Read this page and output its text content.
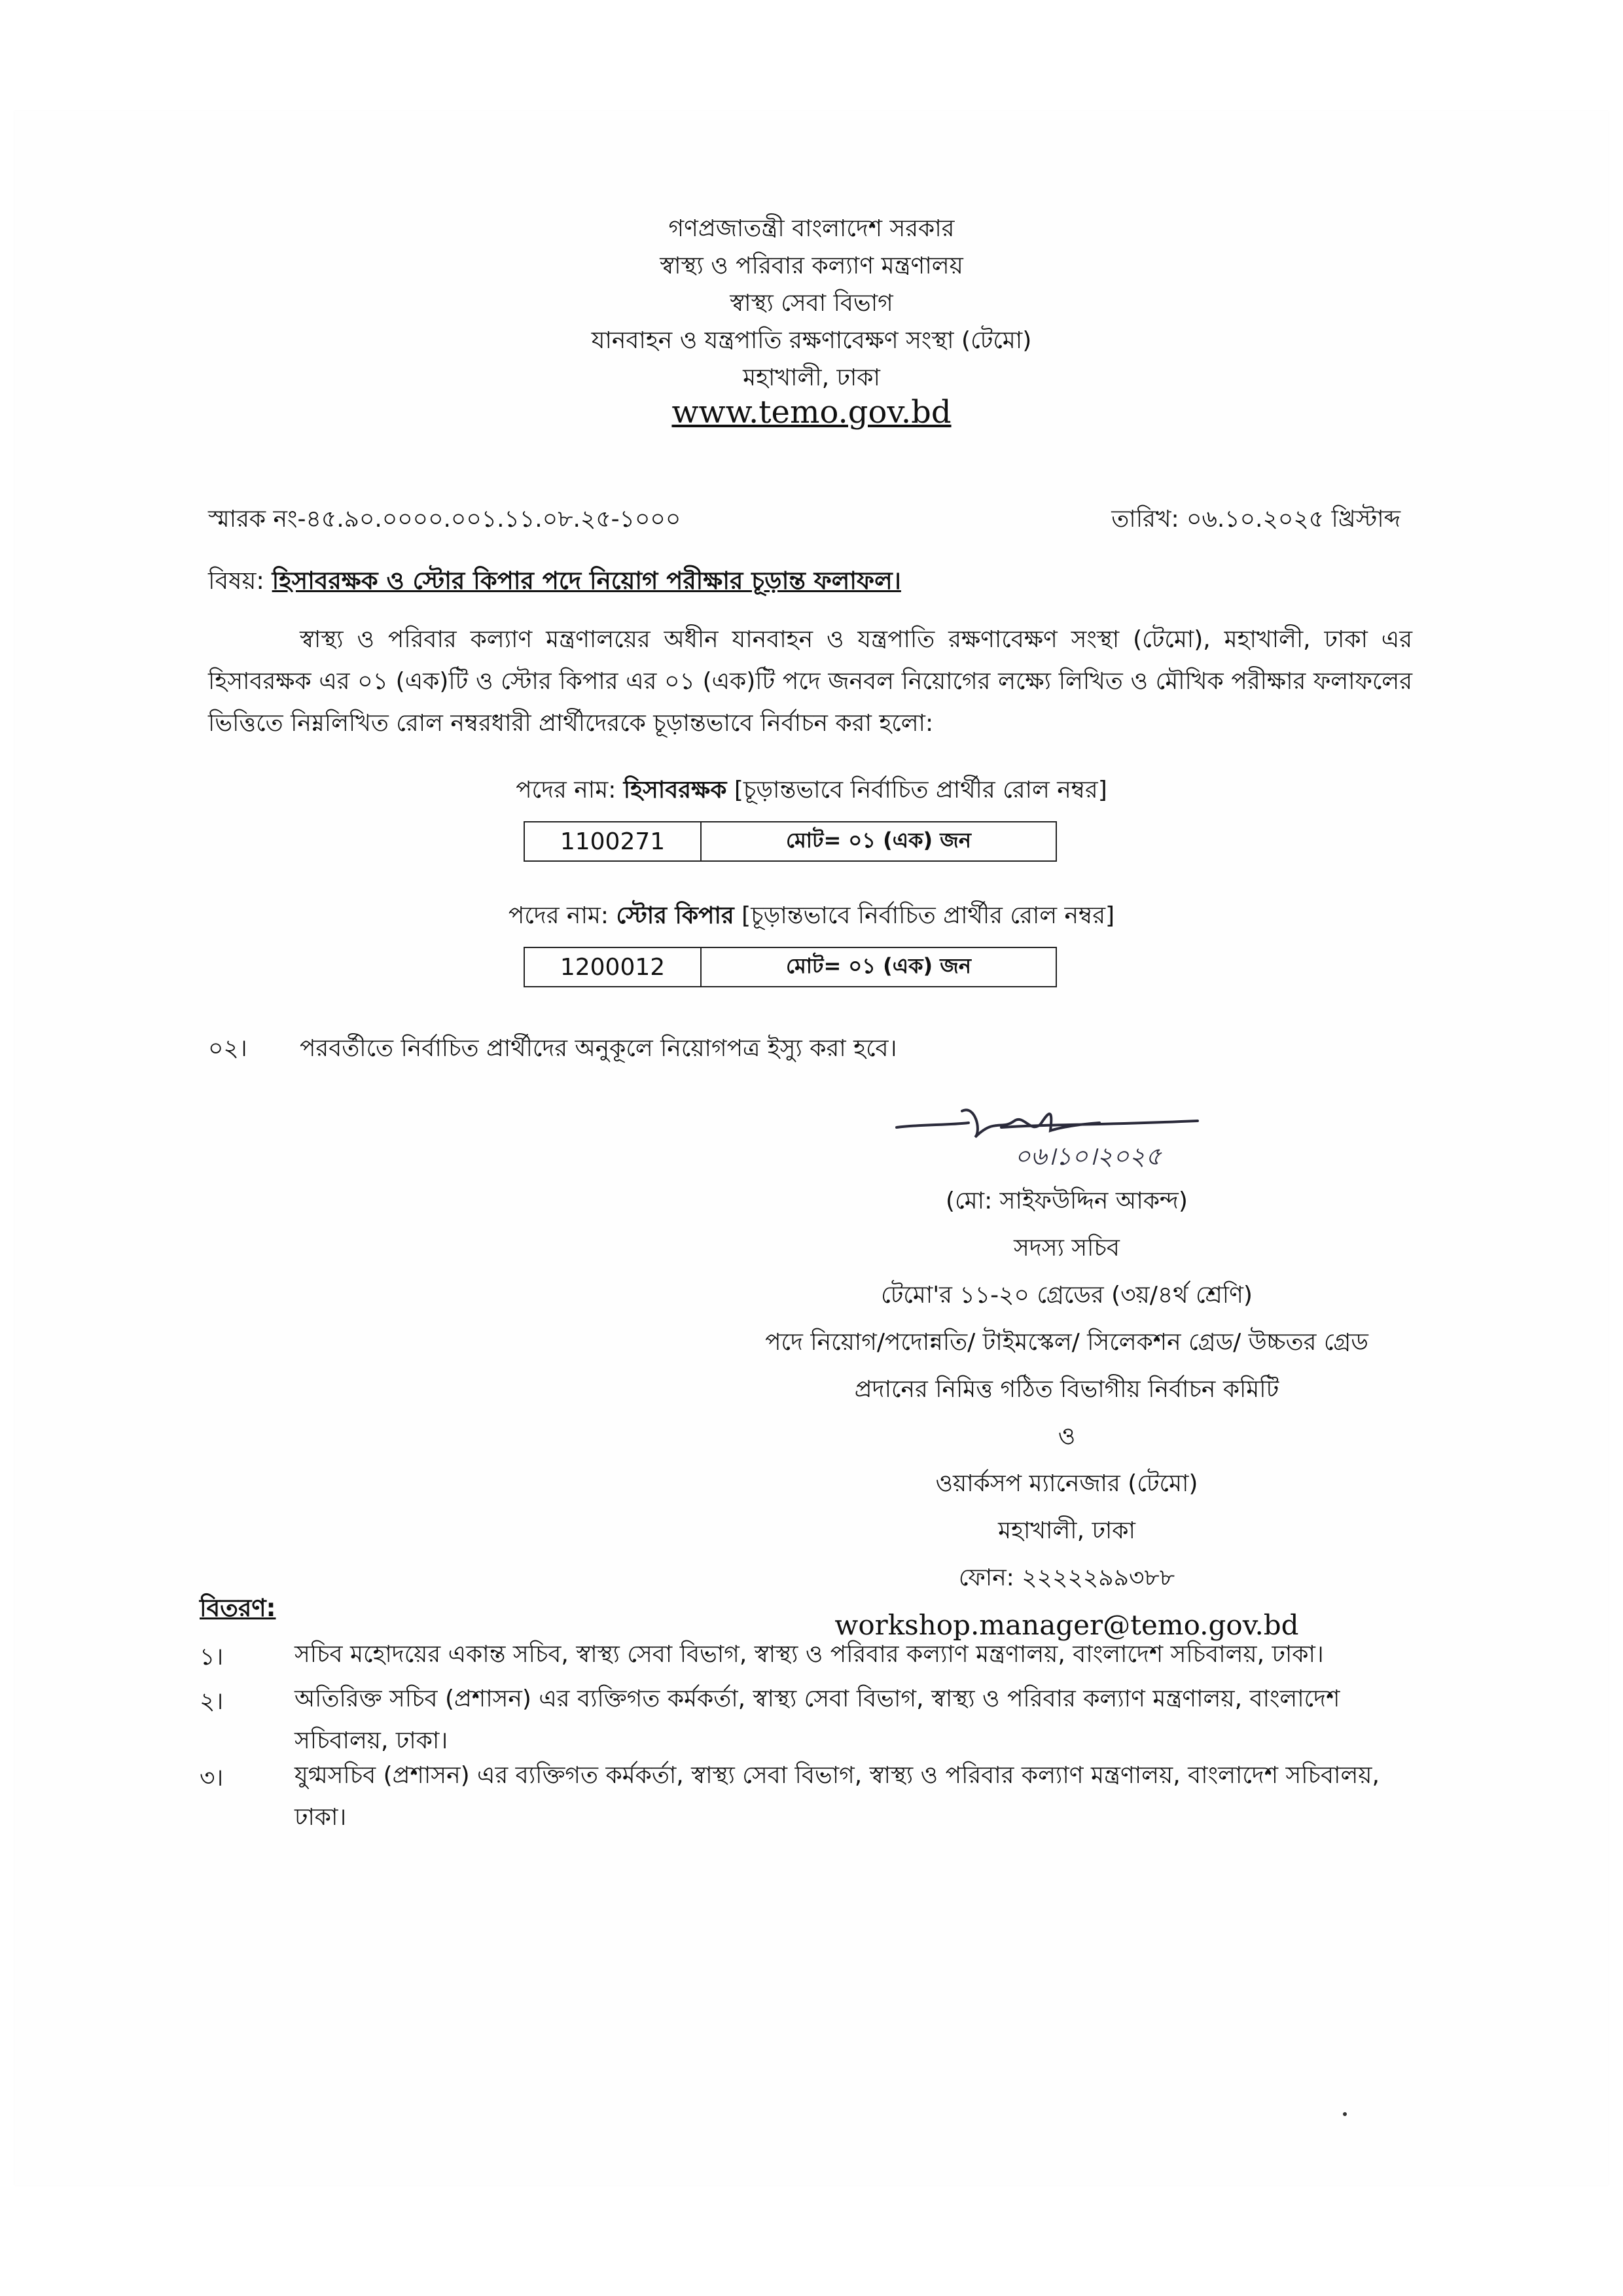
গণপ্রজাতন্ত্রী বাংলাদেশ সরকার
স্বাস্থ্য ও পরিবার কল্যাণ মন্ত্রণালয়
স্বাস্থ্য সেবা বিভাগ
যানবাহন ও যন্ত্রপাতি রক্ষণাবেক্ষণ সংস্থা (টেমো)
মহাখালী, ঢাকা
www.temo.gov.bd
স্মারক নং-৪৫.৯০.০০০০.০০১.১১.০৮.২৫-১০০০	তারিখ: ০৬.১০.২০২৫ খ্রিস্টাব্দ
বিষয়: হিসাবরক্ষক ও স্টোর কিপার পদে নিয়োগ পরীক্ষার চূড়ান্ত ফলাফল।
স্বাস্থ্য ও পরিবার কল্যাণ মন্ত্রণালয়ের অধীন যানবাহন ও যন্ত্রপাতি রক্ষণাবেক্ষণ সংস্থা (টেমো), মহাখালী, ঢাকা এর হিসাবরক্ষক এর ০১ (এক)টি ও স্টোর কিপার এর ০১ (এক)টি পদে জনবল নিয়োগের লক্ষ্যে লিখিত ও মৌখিক পরীক্ষার ফলাফলের ভিত্তিতে নিম্নলিখিত রোল নম্বরধারী প্রার্থীদেরকে চূড়ান্তভাবে নির্বাচন করা হলো:
পদের নাম: হিসাবরক্ষক [চূড়ান্তভাবে নির্বাচিত প্রার্থীর রোল নম্বর]
1100271	মোট= ০১ (এক) জন
পদের নাম: স্টোর কিপার [চূড়ান্তভাবে নির্বাচিত প্রার্থীর রোল নম্বর]
1200012	মোট= ০১ (এক) জন
০২। পরবর্তীতে নির্বাচিত প্রার্থীদের অনুকূলে নিয়োগপত্র ইস্যু করা হবে।
০৬।১০।২০২৫
(মো: সাইফউদ্দিন আকন্দ)
সদস্য সচিব
টেমো'র ১১-২০ গ্রেডের (৩য়/৪র্থ শ্রেণি)
পদে নিয়োগ/পদোন্নতি/ টাইমস্কেল/ সিলেকশন গ্রেড/ উচ্চতর গ্রেড
প্রদানের নিমিত্ত গঠিত বিভাগীয় নির্বাচন কমিটি
ও
ওয়ার্কসপ ম্যানেজার (টেমো)
মহাখালী, ঢাকা
ফোন: ২২২২২৯৯৩৮৮
workshop.manager@temo.gov.bd
বিতরণ:
১।	সচিব মহোদয়ের একান্ত সচিব, স্বাস্থ্য সেবা বিভাগ, স্বাস্থ্য ও পরিবার কল্যাণ মন্ত্রণালয়, বাংলাদেশ সচিবালয়, ঢাকা।
২।	অতিরিক্ত সচিব (প্রশাসন) এর ব্যক্তিগত কর্মকর্তা, স্বাস্থ্য সেবা বিভাগ, স্বাস্থ্য ও পরিবার কল্যাণ মন্ত্রণালয়, বাংলাদেশ সচিবালয়, ঢাকা।
৩।	যুগ্মসচিব (প্রশাসন) এর ব্যক্তিগত কর্মকর্তা, স্বাস্থ্য সেবা বিভাগ, স্বাস্থ্য ও পরিবার কল্যাণ মন্ত্রণালয়, বাংলাদেশ সচিবালয়, ঢাকা।
